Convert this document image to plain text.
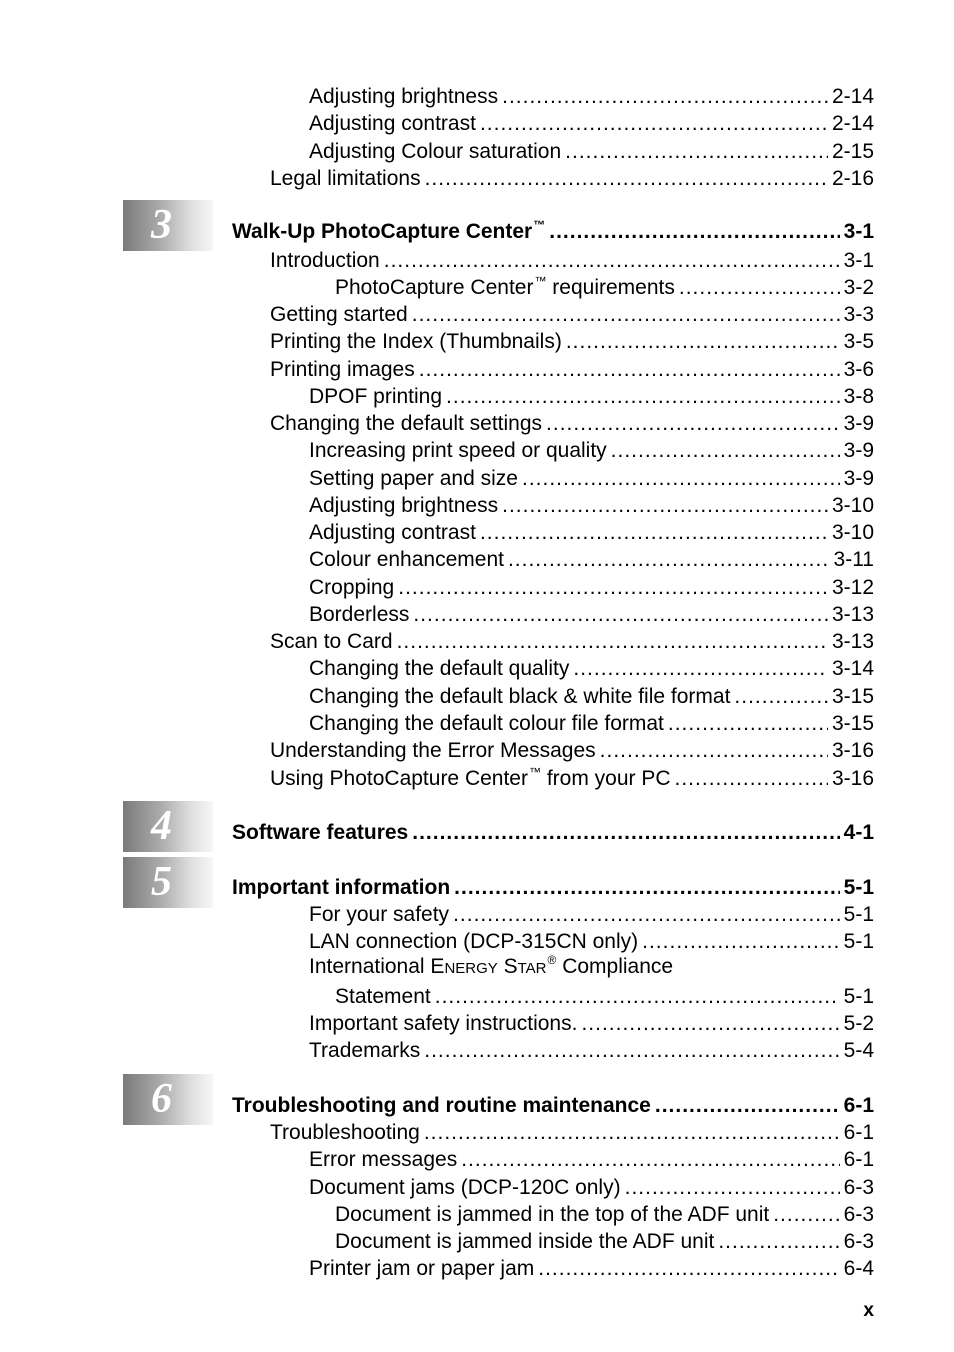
Adjusting brightness .....	2-14
Adjusting contrast .....	2-14
Adjusting Colour saturation .....	2-15
Legal limitations .....	2-16
3	Walk-Up PhotoCapture Center™ .....	3-1
Introduction .....	3-1
PhotoCapture Center™ requirements .....	3-2
Getting started .....	3-3
Printing the Index (Thumbnails) .....	3-5
Printing images .....	3-6
DPOF printing .....	3-8
Changing the default settings .....	3-9
Increasing print speed or quality .....	3-9
Setting paper and size .....	3-9
Adjusting brightness .....	3-10
Adjusting contrast .....	3-10
Colour enhancement .....	3-11
Cropping .....	3-12
Borderless .....	3-13
Scan to Card .....	3-13
Changing the default quality .....	3-14
Changing the default black & white file format .....	3-15
Changing the default colour file format .....	3-15
Understanding the Error Messages .....	3-16
Using PhotoCapture Center™ from your PC .....	3-16
4	Software features .....	4-1
5	Important information .....	5-1
For your safety .....	5-1
LAN connection (DCP-315CN only) .....	5-1
International ENERGY STAR® Compliance
Statement .....	5-1
Important safety instructions. .....	5-2
Trademarks .....	5-4
6	Troubleshooting and routine maintenance .....	6-1
Troubleshooting .....	6-1
Error messages .....	6-1
Document jams (DCP-120C only) .....	6-3
Document is jammed in the top of the ADF unit .....	6-3
Document is jammed inside the ADF unit .....	6-3
Printer jam or paper jam .....	6-4
x
